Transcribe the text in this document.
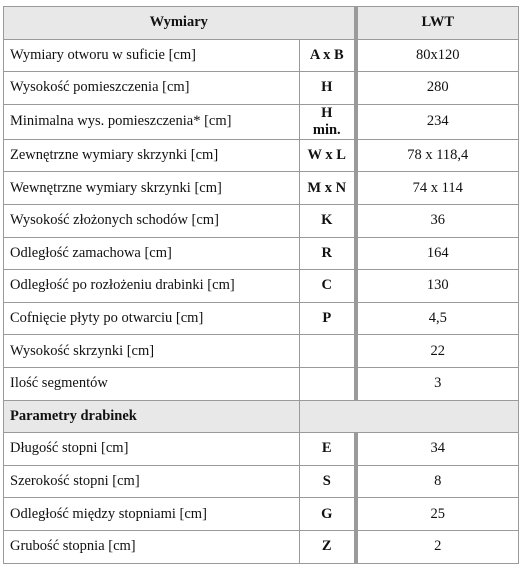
Wymiary		LWT
Wymiary otworu w suficie [cm]	A x B	80x120
Wysokość pomieszczenia [cm]	H	280
Minimalna wys. pomieszczenia* [cm]	H min.	234
Zewnętrzne wymiary skrzynki [cm]	W x L	78 x 118,4
Wewnętrzne wymiary skrzynki [cm]	M x N	74 x 114
Wysokość złożonych schodów [cm]	K	36
Odległość zamachowa [cm]	R	164
Odległość po rozłożeniu drabinki [cm]	C	130
Cofnięcie płyty po otwarciu [cm]	P	4,5
Wysokość skrzynki [cm]		22
Ilość segmentów		3
Parametry drabinek		
Długość stopni [cm]	E	34
Szerokość stopni [cm]	S	8
Odległość między stopniami [cm]	G	25
Grubość stopnia [cm]	Z	2
